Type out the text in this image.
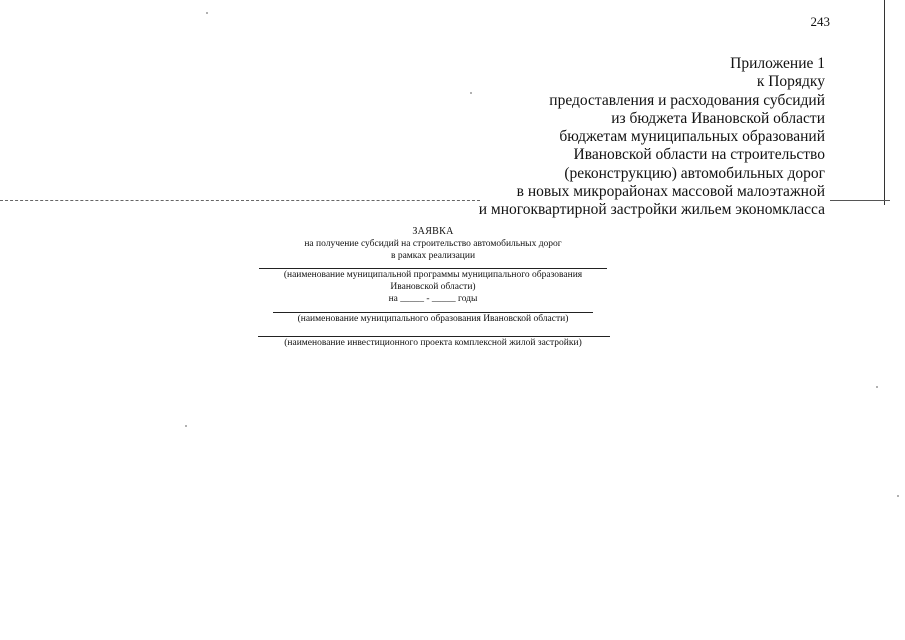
243
Приложение 1
к Порядку
предоставления и расходования субсидий
из бюджета Ивановской области
бюджетам муниципальных образований
Ивановской области на строительство
(реконструкцию) автомобильных дорог
в новых микрорайонах массовой малоэтажной
и многоквартирной застройки жильем экономкласса
ЗАЯВКА
на получение субсидий на строительство автомобильных дорог
в рамках реализации
(наименование муниципальной программы муниципального образования
Ивановской области)
на _____ - _____ годы
(наименование муниципального образования Ивановской области)
(наименование инвестиционного проекта комплексной жилой застройки)
